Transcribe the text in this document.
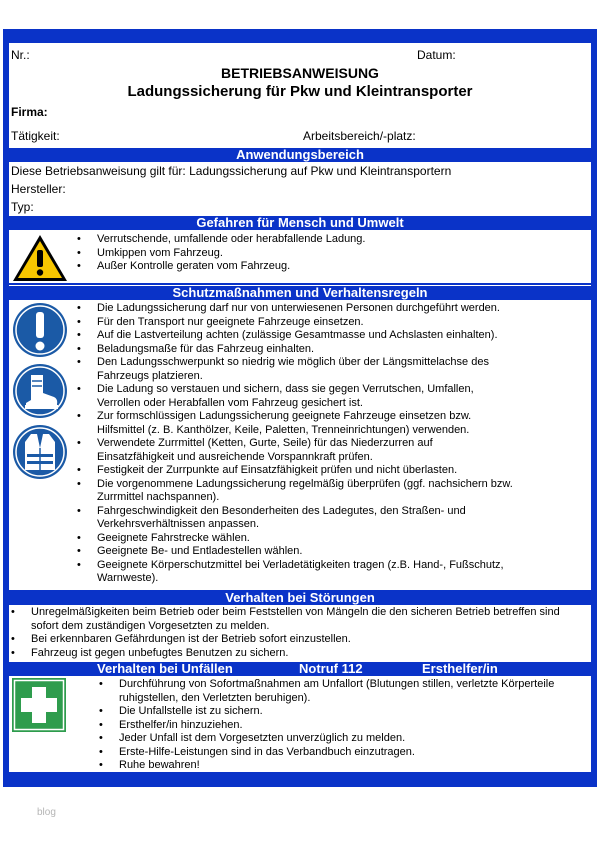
Nr.:	Datum:
BETRIEBSANWEISUNG
Ladungssicherung für Pkw und Kleintransporter
Firma:
Tätigkeit:	Arbeitsbereich/-platz:
Anwendungsbereich
Diese Betriebsanweisung gilt für: Ladungssicherung auf Pkw und Kleintransportern
Hersteller:
Typ:
Gefahren für Mensch und Umwelt
• Verrutschende, umfallende oder herabfallende Ladung.
• Umkippen vom Fahrzeug.
• Außer Kontrolle geraten vom Fahrzeug.
Schutzmaßnahmen und Verhaltensregeln
• Die Ladungssicherung darf nur von unterwiesenen Personen durchgeführt werden.
• Für den Transport nur geeignete Fahrzeuge einsetzen.
• Auf die Lastverteilung achten (zulässige Gesamtmasse und Achslasten einhalten).
• Beladungsmaße für das Fahrzeug einhalten.
• Den Ladungsschwerpunkt so niedrig wie möglich über der Längsmittelachse des Fahrzeugs platzieren.
• Die Ladung so verstauen und sichern, dass sie gegen Verrutschen, Umfallen, Verrollen oder Herabfallen vom Fahrzeug gesichert ist.
• Zur formschlüssigen Ladungssicherung geeignete Fahrzeuge einsetzen bzw. Hilfsmittel (z. B. Kanthölzer, Keile, Paletten, Trenneinrichtungen) verwenden.
• Verwendete Zurrmittel (Ketten, Gurte, Seile) für das Niederzurren auf Einsatzfähigkeit und ausreichende Vorspannkraft prüfen.
• Festigkeit der Zurrpunkte auf Einsatzfähigkeit prüfen und nicht überlasten.
• Die vorgenommene Ladungssicherung regelmäßig überprüfen (ggf. nachsichern bzw. Zurrmittel nachspannen).
• Fahrgeschwindigkeit den Besonderheiten des Ladegutes, den Straßen- und Verkehrsverhältnissen anpassen.
• Geeignete Fahrstrecke wählen.
• Geeignete Be- und Entladestellen wählen.
• Geeignete Körperschutzmittel bei Verladetätigkeiten tragen (z.B. Hand-, Fußschutz, Warnweste).
Verhalten bei Störungen
• Unregelmäßigkeiten beim Betrieb oder beim Feststellen von Mängeln die den sicheren Betrieb betreffen sind sofort dem zuständigen Vorgesetzten zu melden.
• Bei erkennbaren Gefährdungen ist der Betrieb sofort einzustellen.
• Fahrzeug ist gegen unbefugtes Benutzen zu sichern.
Verhalten bei Unfällen	Notruf 112	Ersthelfer/in
• Durchführung von Sofortmaßnahmen am Unfallort (Blutungen stillen, verletzte Körperteile ruhigstellen, den Verletzten beruhigen).
• Die Unfallstelle ist zu sichern.
• Ersthelfer/in hinzuziehen.
• Jeder Unfall ist dem Vorgesetzten unverzüglich zu melden.
• Erste-Hilfe-Leistungen sind in das Verbandbuch einzutragen.
• Ruhe bewahren!
blog
